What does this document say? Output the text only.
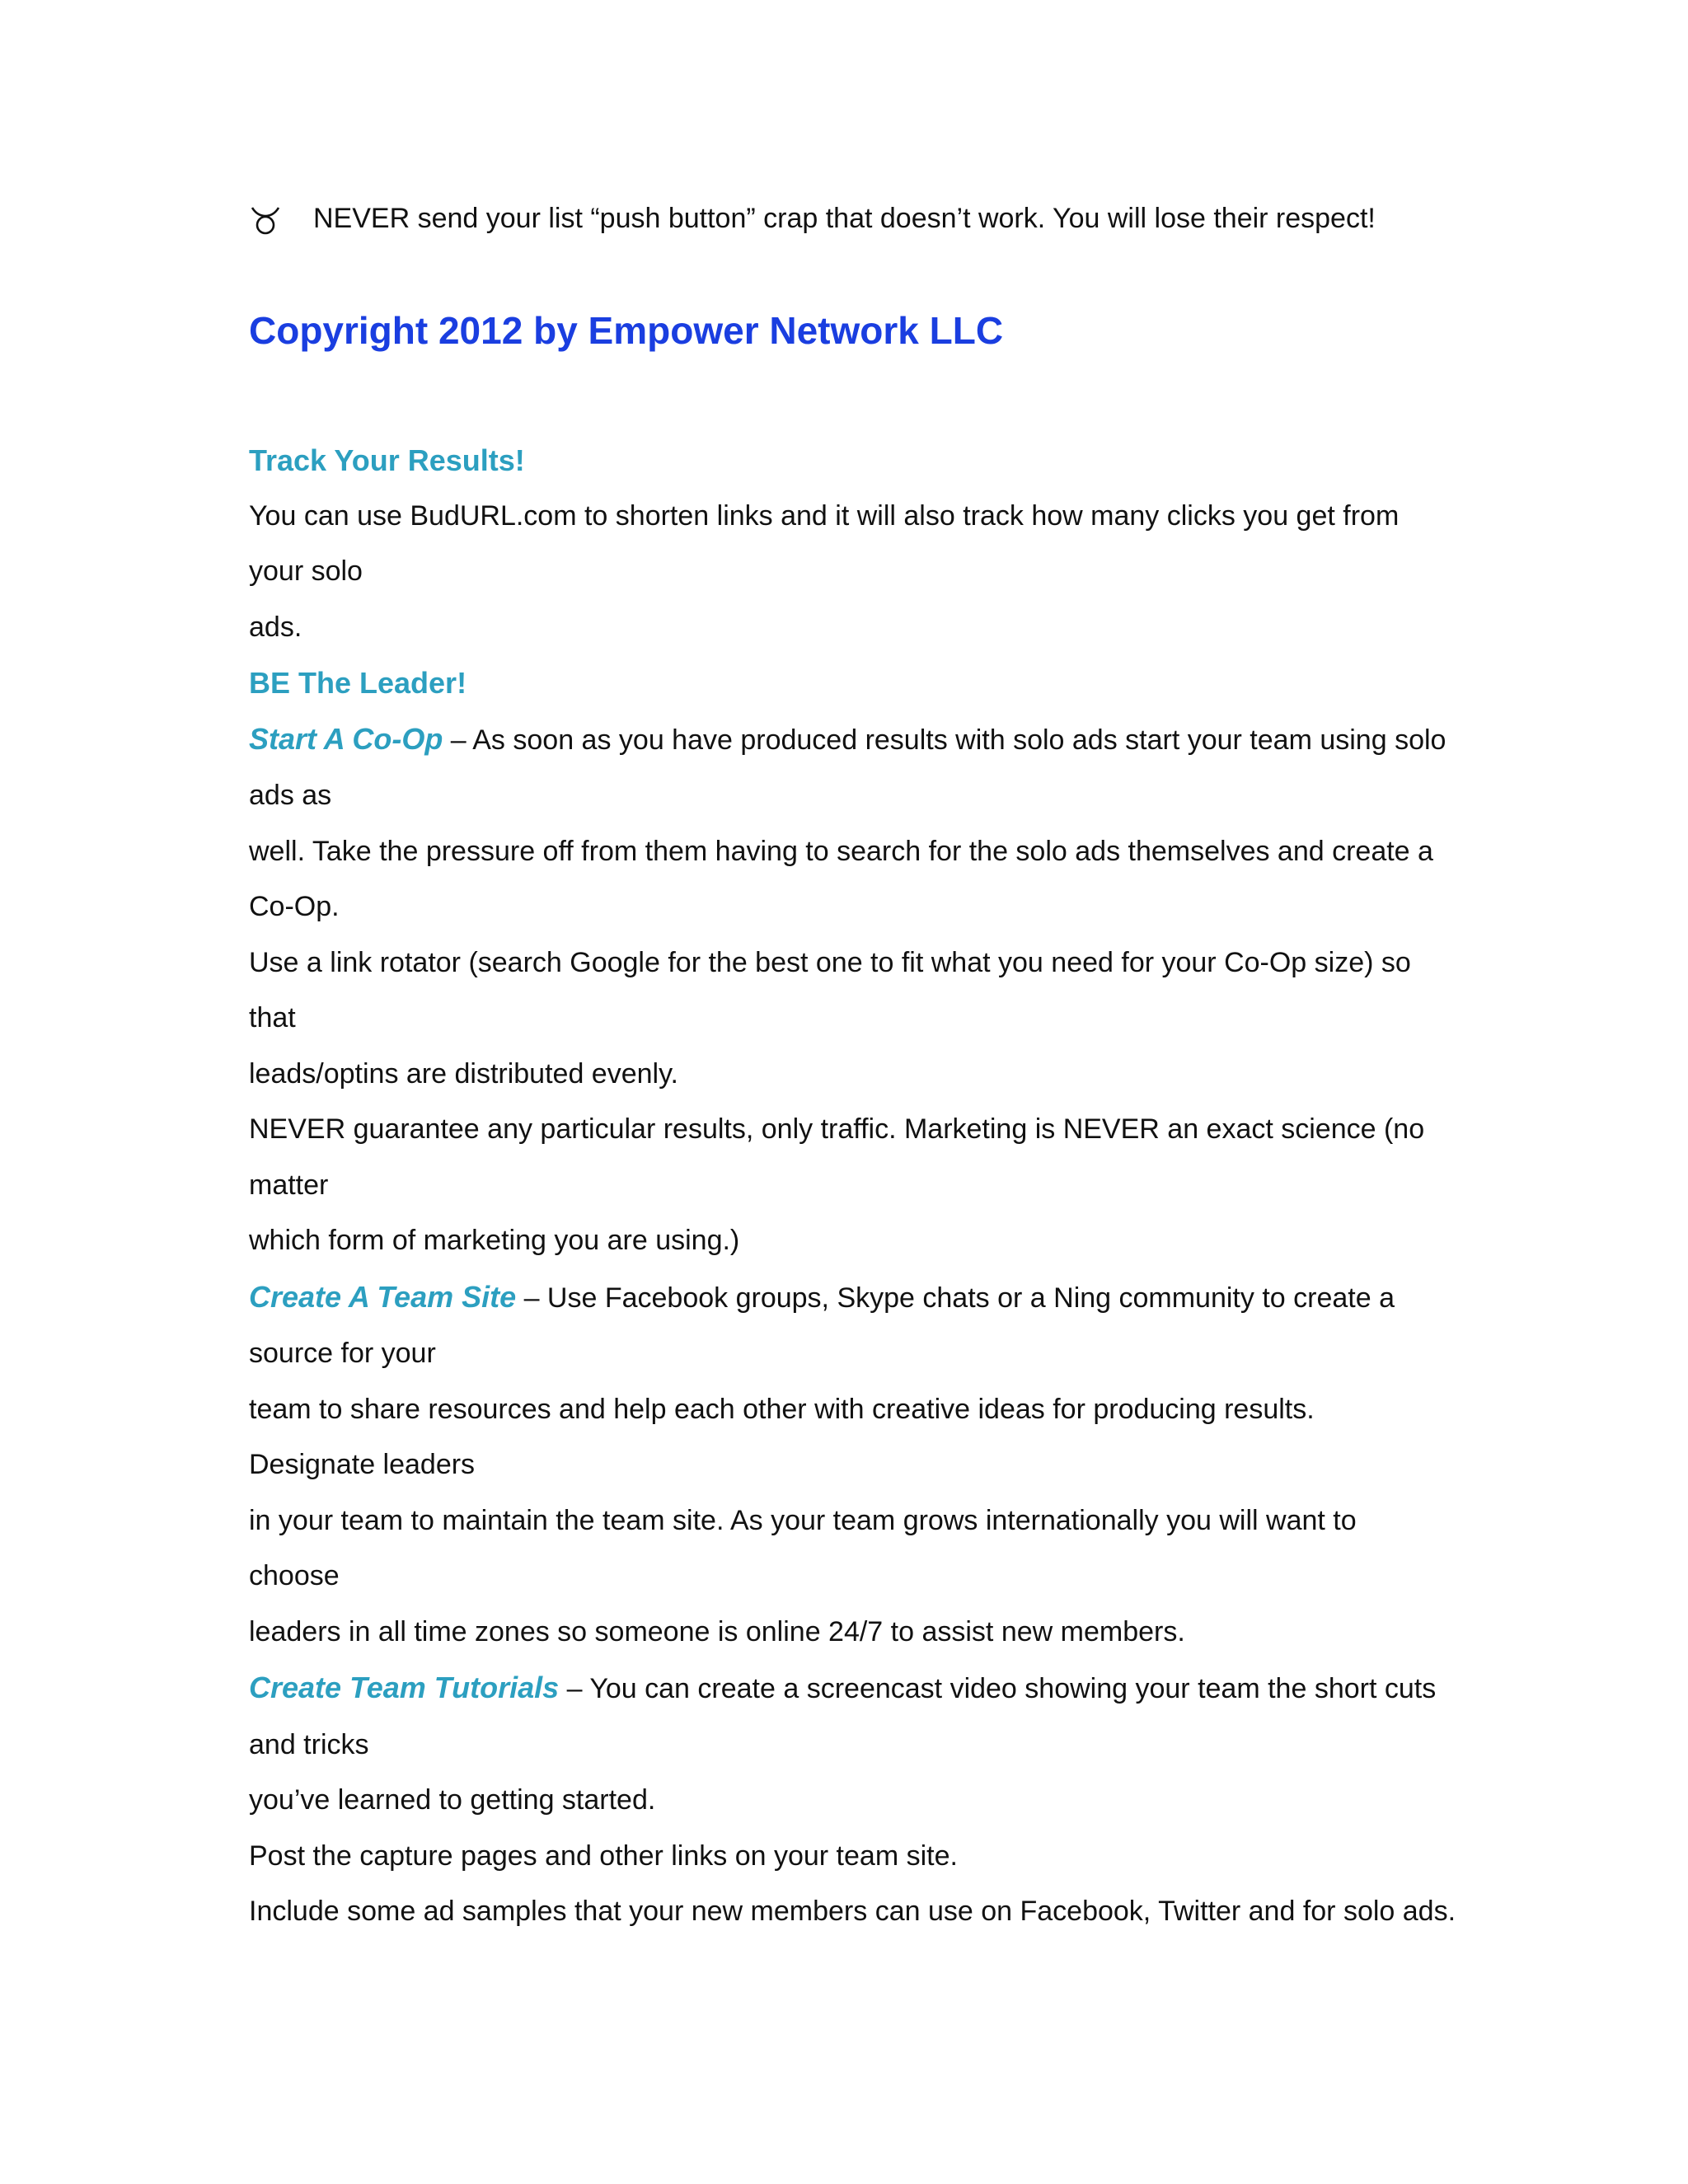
NEVER send your list “push button” crap that doesn’t work. You will lose their respect!

Copyright 2012 by Empower Network LLC

Track Your Results!

You can use BudURL.com to shorten links and it will also track how many clicks you get from

your solo

ads.

BE The Leader!

Start A Co-Op – As soon as you have produced results with solo ads start your team using solo

ads as

well. Take the pressure off from them having to search for the solo ads themselves and create a

Co-Op.

Use a link rotator (search Google for the best one to fit what you need for your Co-Op size) so

that

leads/optins are distributed evenly.

NEVER guarantee any particular results, only traffic. Marketing is NEVER an exact science (no

matter

which form of marketing you are using.)

Create A Team Site – Use Facebook groups, Skype chats or a Ning community to create a

source for your

team to share resources and help each other with creative ideas for producing results.

Designate leaders

in your team to maintain the team site. As your team grows internationally you will want to

choose

leaders in all time zones so someone is online 24/7 to assist new members.

Create Team Tutorials – You can create a screencast video showing your team the short cuts

and tricks

you’ve learned to getting started.

Post the capture pages and other links on your team site.

Include some ad samples that your new members can use on Facebook, Twitter and for solo ads.
